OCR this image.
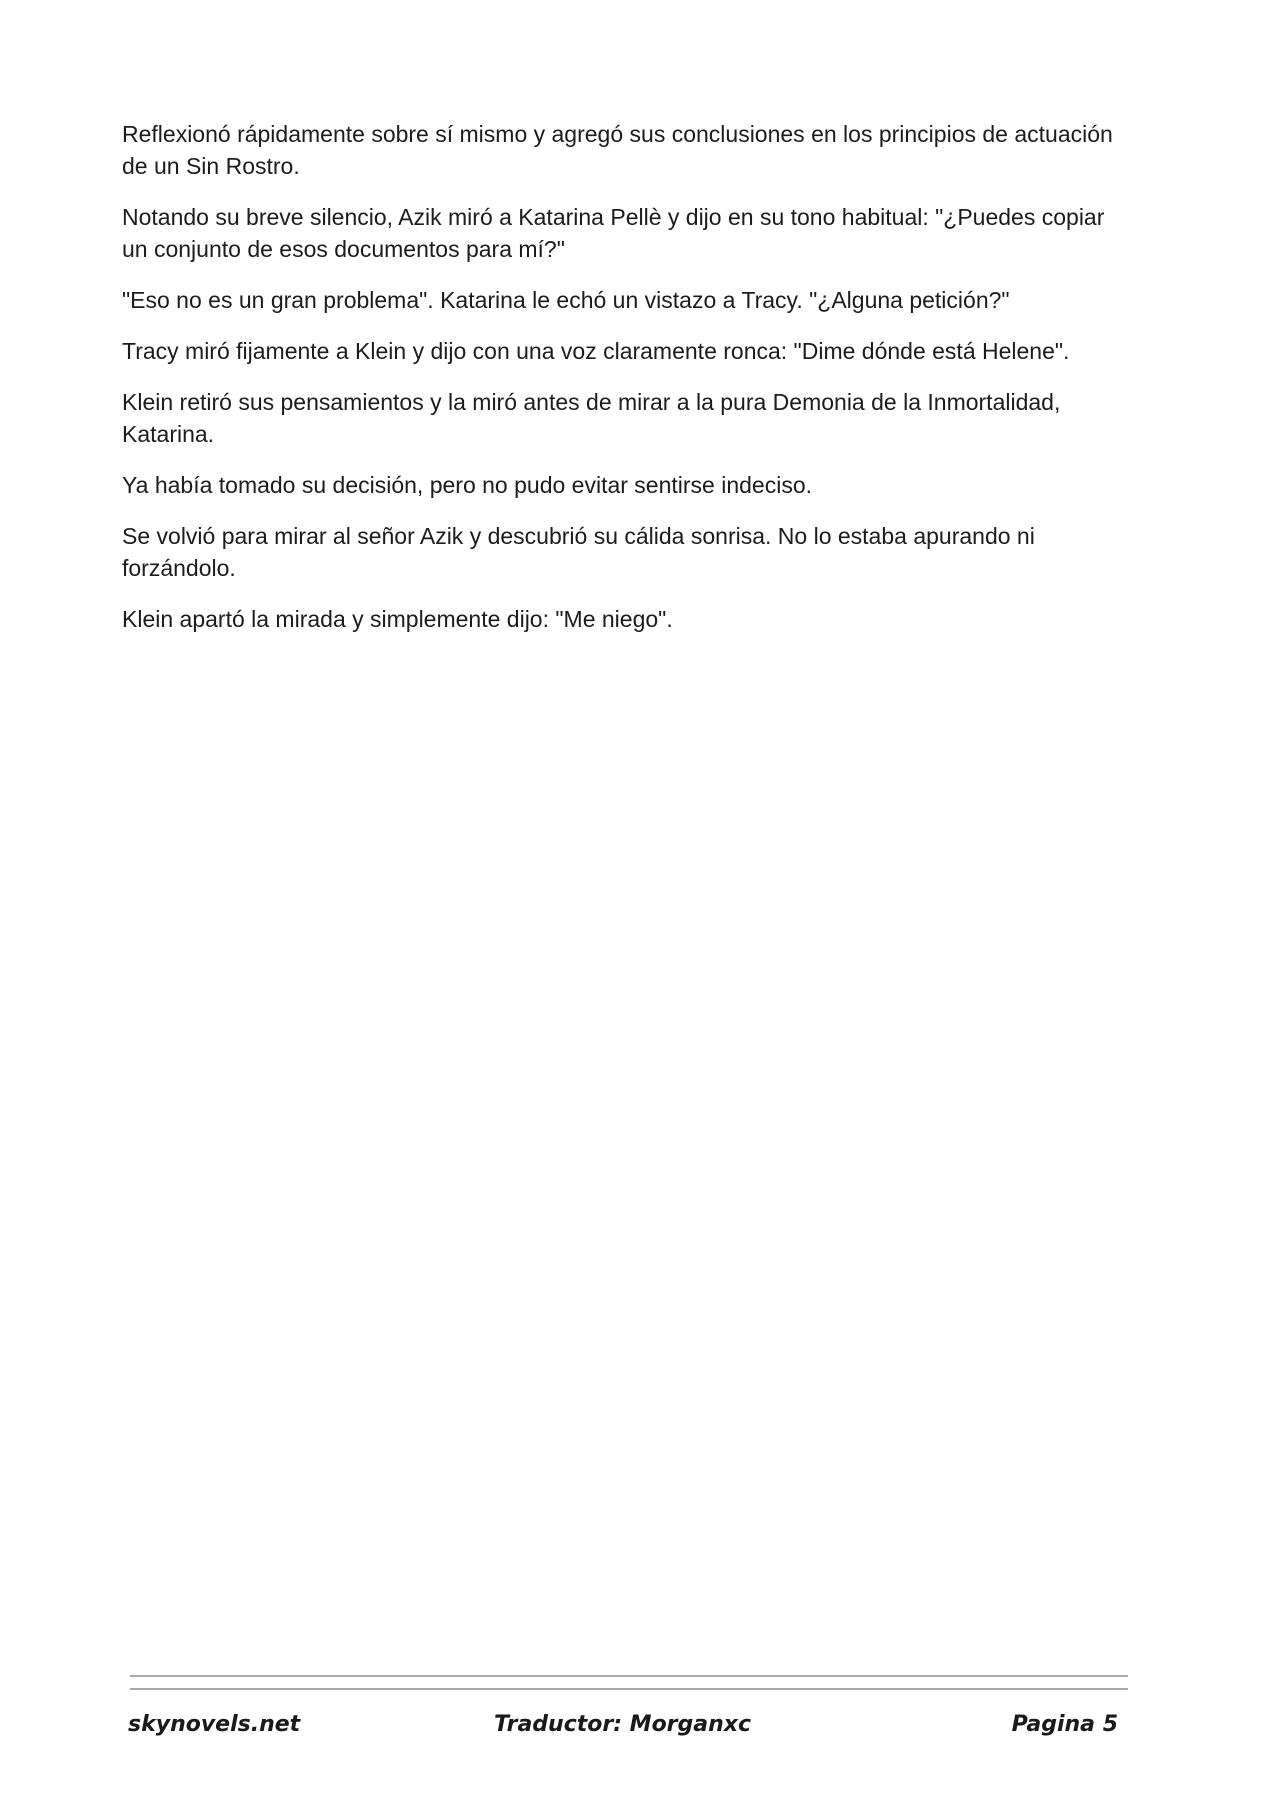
Reflexionó rápidamente sobre sí mismo y agregó sus conclusiones en los principios de actuación de un Sin Rostro.

Notando su breve silencio, Azik miró a Katarina Pellè y dijo en su tono habitual: "¿Puedes copiar un conjunto de esos documentos para mí?"

"Eso no es un gran problema". Katarina le echó un vistazo a Tracy. "¿Alguna petición?"

Tracy miró fijamente a Klein y dijo con una voz claramente ronca: "Dime dónde está Helene".

Klein retiró sus pensamientos y la miró antes de mirar a la pura Demonia de la Inmortalidad, Katarina.

Ya había tomado su decisión, pero no pudo evitar sentirse indeciso.

Se volvió para mirar al señor Azik y descubrió su cálida sonrisa. No lo estaba apurando ni forzándolo.

Klein apartó la mirada y simplemente dijo: "Me niego".

skynovels.net	Traductor: Morganxc	Pagina 5
